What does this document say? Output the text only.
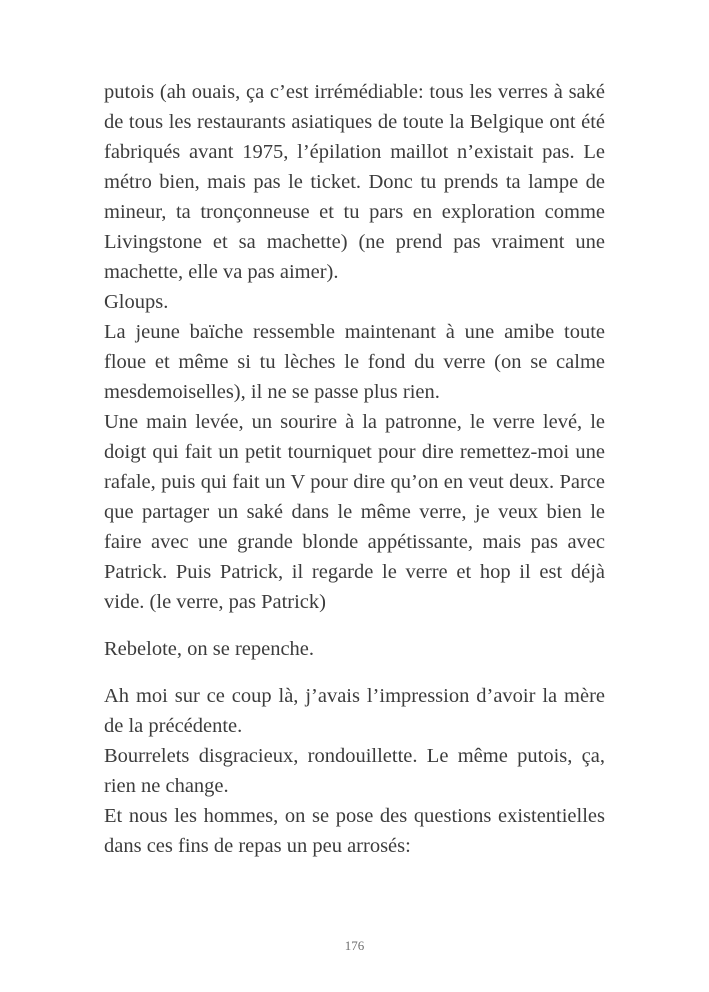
putois (ah ouais, ça c’est irrémédiable: tous les verres à saké de tous les restaurants asiatiques de toute la Belgique ont été fabriqués avant 1975, l’épilation maillot n’existait pas. Le métro bien, mais pas le ticket. Donc tu prends ta lampe de mineur, ta tronçonneuse et tu pars en exploration comme Livingstone et sa machette) (ne prend pas vraiment une machette, elle va pas aimer).

Gloups.

La jeune baïche ressemble maintenant à une amibe toute floue et même si tu lèches le fond du verre (on se calme mesdemoiselles), il ne se passe plus rien.

Une main levée, un sourire à la patronne, le verre levé, le doigt qui fait un petit tourniquet pour dire remettez-moi une rafale, puis qui fait un V pour dire qu’on en veut deux. Parce que partager un saké dans le même verre, je veux bien le faire avec une grande blonde appétissante, mais pas avec Patrick. Puis Patrick, il regarde le verre et hop il est déjà vide. (le verre, pas Patrick)

Rebelote, on se repenche.

Ah moi sur ce coup là, j’avais l’impression d’avoir la mère de la précédente.

Bourrelets disgracieux, rondouillette. Le même putois, ça, rien ne change.

Et nous les hommes, on se pose des questions existentielles dans ces fins de repas un peu arrosés:

176
